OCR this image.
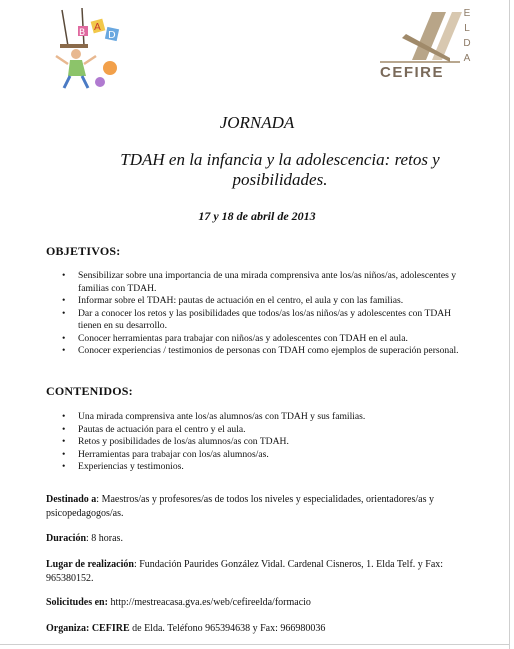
A
D
B
CEFIRE
E
L
D
A
JORNADA
TDAH en la infancia y la adolescencia: retos y posibilidades.
17 y 18 de abril de 2013
OBJETIVOS:
• Sensibilizar sobre una importancia de una mirada comprensiva ante los/as niños/as, adolescentes y familias con TDAH.
• Informar sobre el TDAH: pautas de actuación en el centro, el aula y con las familias.
• Dar a conocer los retos y las posibilidades que todos/as los/as niños/as y adolescentes con TDAH tienen en su desarrollo.
• Conocer herramientas para trabajar con niños/as y adolescentes con TDAH en el aula.
• Conocer experiencias / testimonios de personas con TDAH como ejemplos de superación personal.
CONTENIDOS:
• Una mirada comprensiva ante los/as alumnos/as con TDAH y sus familias.
• Pautas de actuación para el centro y el aula.
• Retos y posibilidades de los/as alumnos/as con TDAH.
• Herramientas para trabajar con los/as alumnos/as.
• Experiencias y testimonios.
Destinado a: Maestros/as y profesores/as de todos los niveles y especialidades, orientadores/as y psicopedagogos/as.
Duración: 8 horas.
Lugar de realización: Fundación Paurides González Vidal. Cardenal Cisneros, 1. Elda Telf. y Fax: 965380152.
Solicitudes en: http://mestreacasa.gva.es/web/cefireelda/formacio
Organiza: CEFIRE de Elda. Teléfono 965394638 y Fax: 966980036
